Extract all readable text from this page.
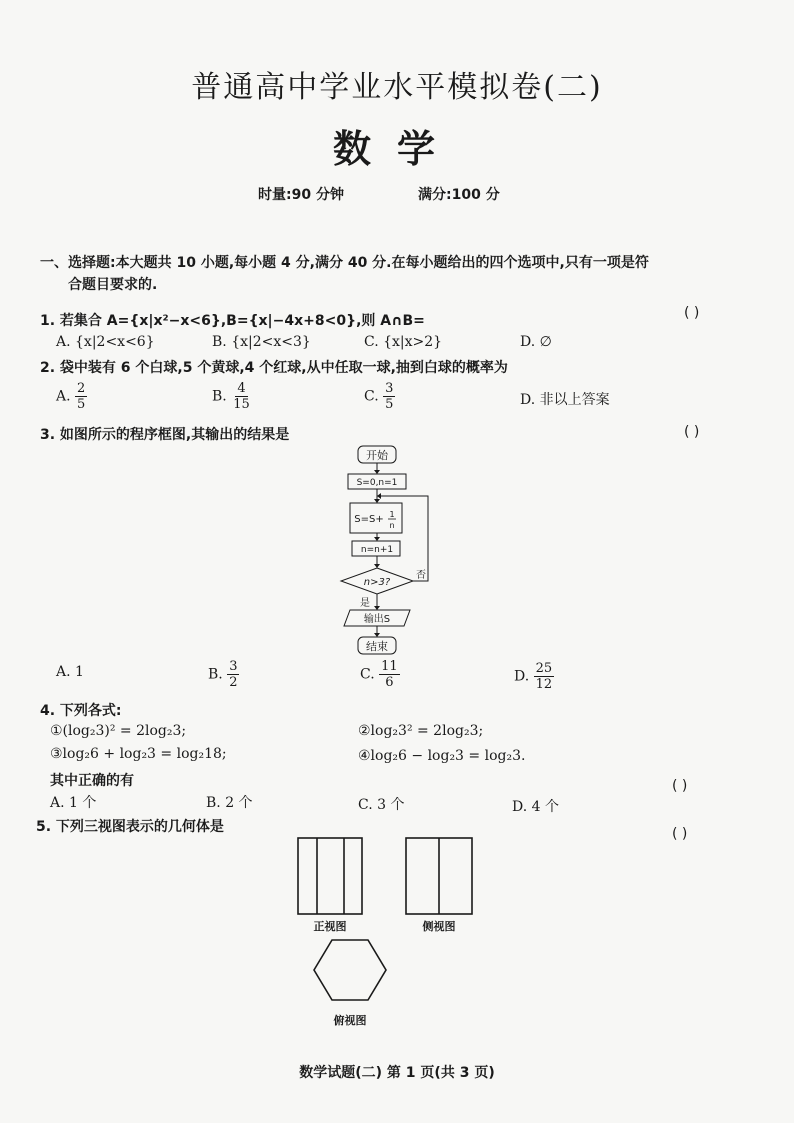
普通高中学业水平模拟卷(二)
数学
时量:90 分钟	满分:100 分
一、选择题:本大题共 10 小题,每小题 4 分,满分 40 分.在每小题给出的四个选项中,只有一项是符
合题目要求的.
1. 若集合 A={x|x²−x<6},B={x|−4x+8<0},则 A∩B=	( )
A. {x|2<x<6}	B. {x|2<x<3}	C. {x|x>2}	D. ∅
2. 袋中装有 6 个白球,5 个黄球,4 个红球,从中任取一球,抽到白球的概率为
A. $\frac{2}{5}$	B. $\frac{4}{15}$	C. $\frac{3}{5}$	D. 非以上答案
3. 如图所示的程序框图,其输出的结果是	( )
开始
S=0,n=1
S=S+ 1
n
n=n+1
n>3?
否
是
输出S
结束
A. 1	B. $\frac{3}{2}$	C. $\frac{11}{6}$	D. $\frac{25}{12}$
4. 下列各式:
①(log₂3)² = 2log₂3;	②log₂3² = 2log₂3;
③log₂6 + log₂3 = log₂18;	④log₂6 − log₂3 = log₂3.
其中正确的有	( )
A. 1 个	B. 2 个	C. 3 个	D. 4 个
5. 下列三视图表示的几何体是	( )
正视图	侧视图
俯视图
数学试题(二) 第 1 页(共 3 页)
